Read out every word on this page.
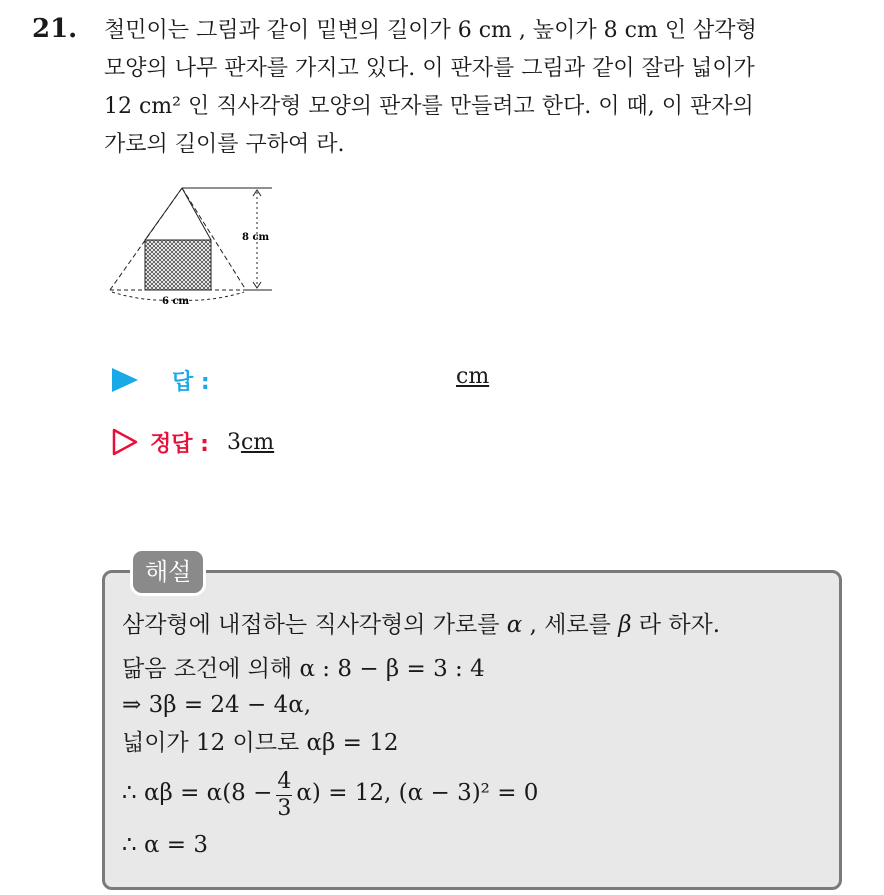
21. 철민이는 그림과 같이 밑변의 길이가 6 cm , 높이가 8 cm 인 삼각형

모양의 나무 판자를 가지고 있다. 이 판자를 그림과 같이 잘라 넓이가

12 cm² 인 직사각형 모양의 판자를 만들려고 한다. 이 때, 이 판자의

가로의 길이를 구하여 라.

8 cm
6 cm
답 :	cm
정답 : 3cm
해설
삼각형에 내접하는 직사각형의 가로를 α , 세로를 β 라 하자.
닮음 조건에 의해 α : 8 − β = 3 : 4
⇒ 3β = 24 − 4α,
넓이가 12 이므로 αβ = 12
∴ $\alpha\beta = \alpha(8 - \frac{4}{3} \alpha) = 12$, (α − 3)² = 0
∴ α = 3
